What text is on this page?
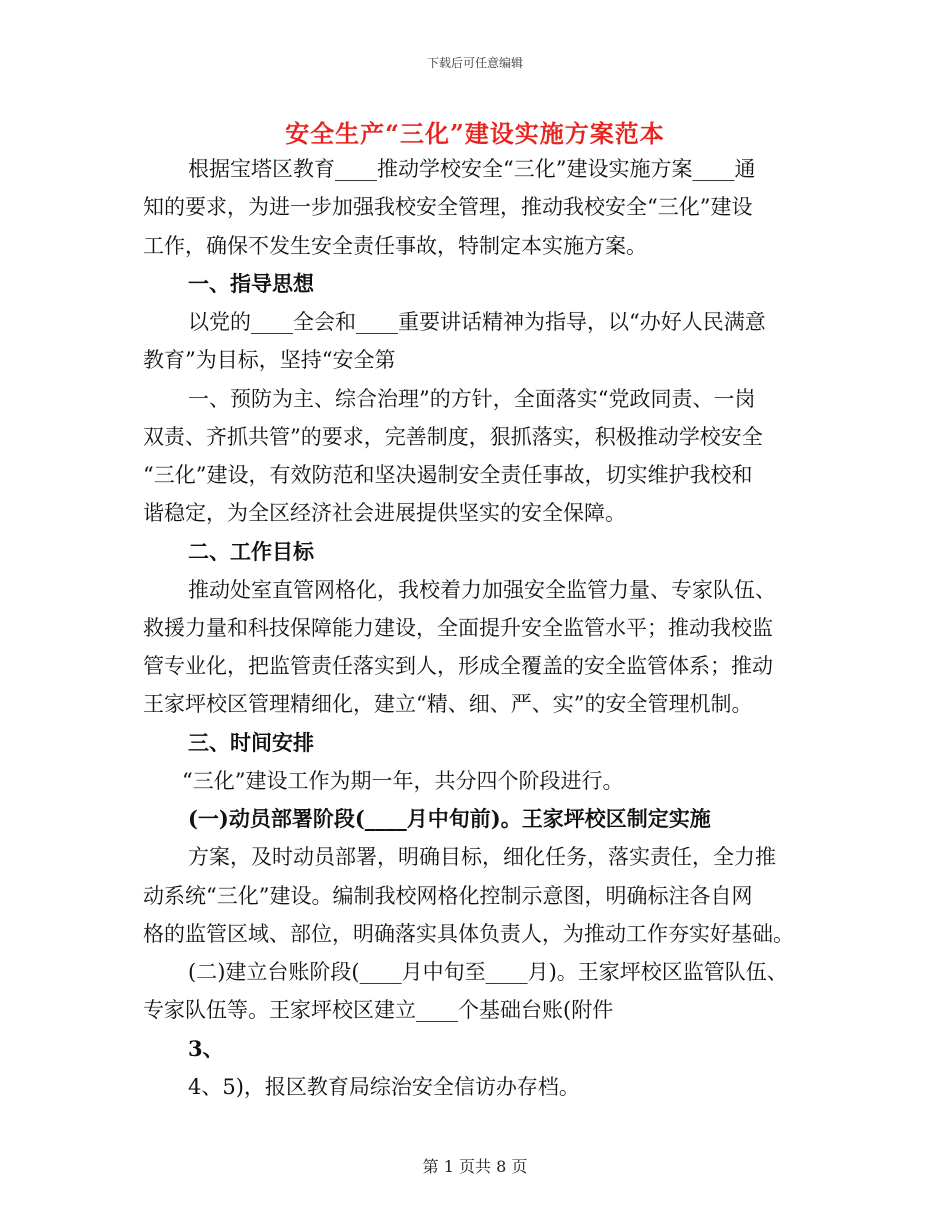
下载后可任意编辑
安全生产“三化”建设实施方案范本
根据宝塔区教育____推动学校安全“三化”建设实施方案____通
知的要求，为进一步加强我校安全管理，推动我校安全“三化”建设
工作，确保不发生安全责任事故，特制定本实施方案。
一、指导思想
以党的____全会和____重要讲话精神为指导，以“办好人民满意
教育”为目标，坚持“安全第
一、预防为主、综合治理”的方针，全面落实“党政同责、一岗
双责、齐抓共管”的要求，完善制度，狠抓落实，积极推动学校安全
“三化”建设，有效防范和坚决遏制安全责任事故，切实维护我校和
谐稳定，为全区经济社会进展提供坚实的安全保障。
二、工作目标
推动处室直管网格化，我校着力加强安全监管力量、专家队伍、
救援力量和科技保障能力建设，全面提升安全监管水平；推动我校监
管专业化，把监管责任落实到人，形成全覆盖的安全监管体系；推动
王家坪校区管理精细化，建立“精、细、严、实”的安全管理机制。
三、时间安排
“三化”建设工作为期一年，共分四个阶段进行。
(一)动员部署阶段(____月中旬前)。王家坪校区制定实施
方案，及时动员部署，明确目标，细化任务，落实责任，全力推
动系统“三化”建设。编制我校网格化控制示意图，明确标注各自网
格的监管区域、部位，明确落实具体负责人，为推动工作夯实好基础。
(二)建立台账阶段(____月中旬至____月)。王家坪校区监管队伍、
专家队伍等。王家坪校区建立____个基础台账(附件
3、
4、5)，报区教育局综治安全信访办存档。
第 1 页共 8 页
